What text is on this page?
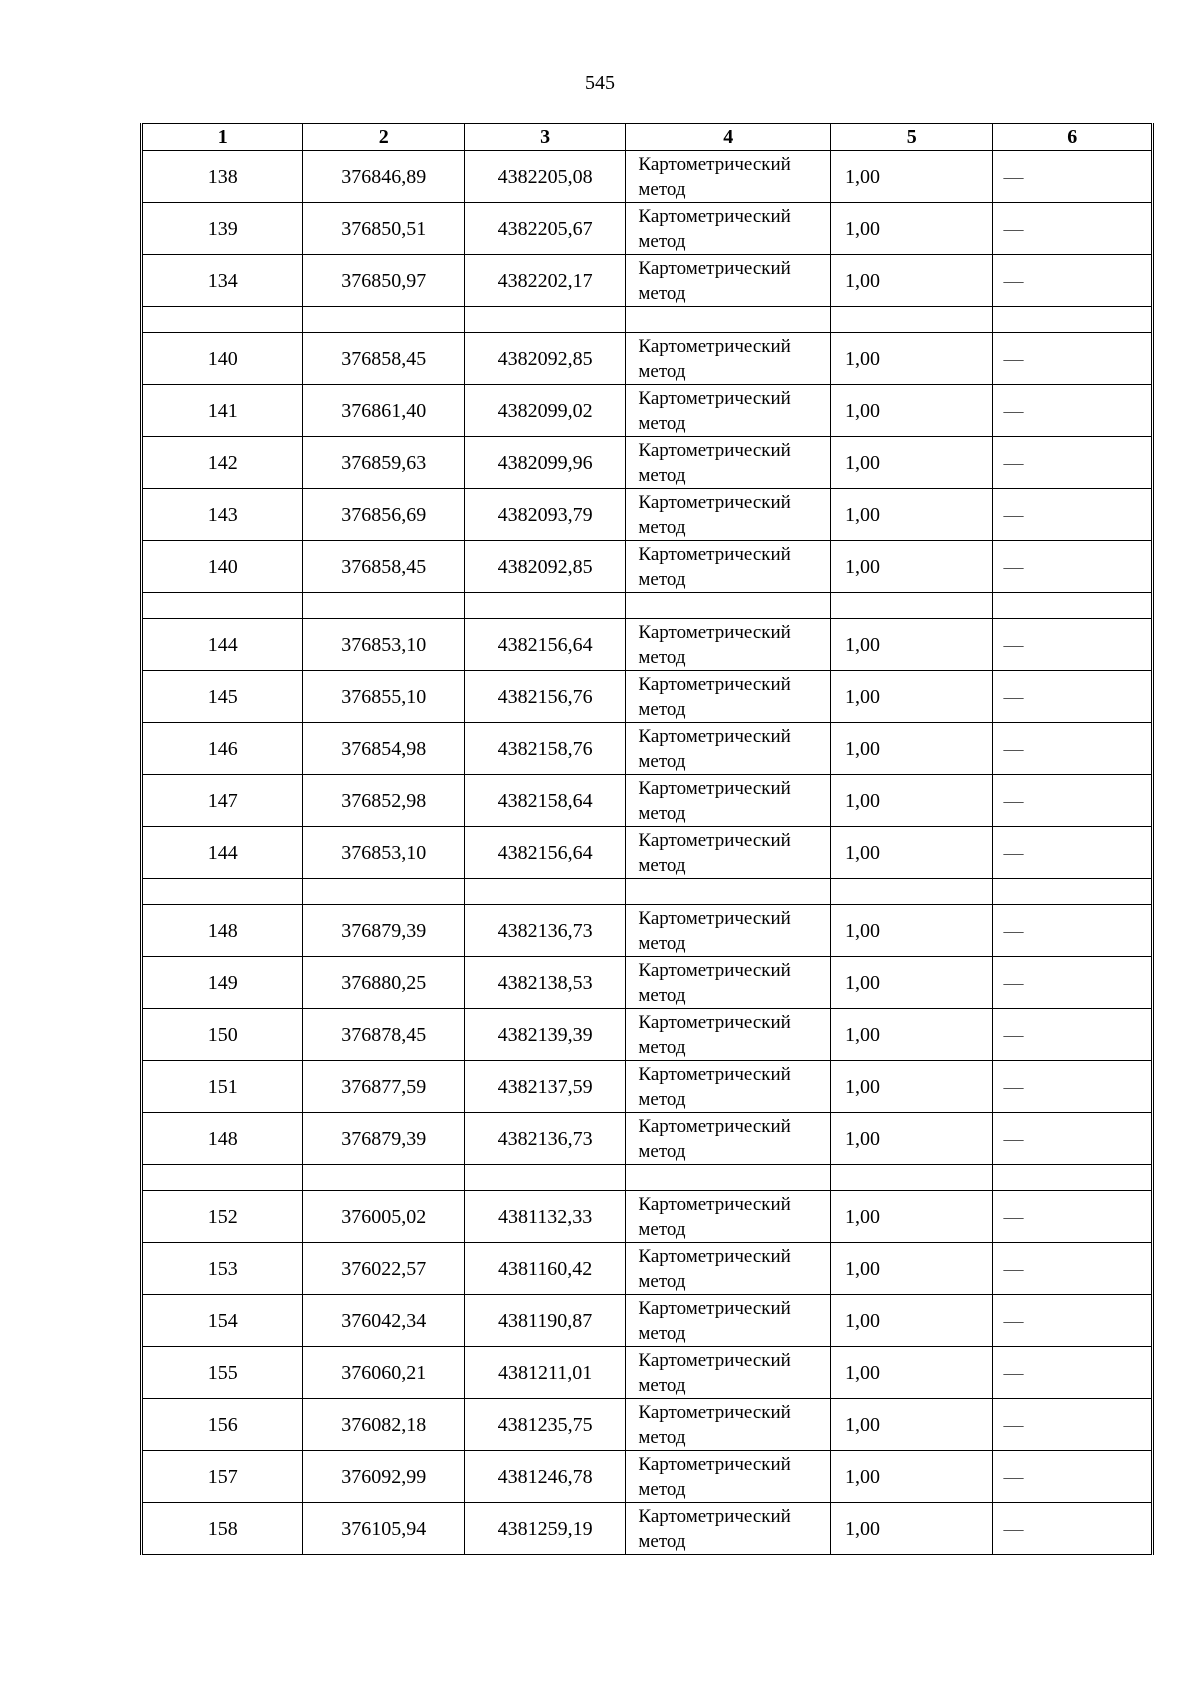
545
1	2	3	4	5	6
138	376846,89	4382205,08	Картометрический метод	1,00	—
139	376850,51	4382205,67	Картометрический метод	1,00	—
134	376850,97	4382202,17	Картометрический метод	1,00	—

140	376858,45	4382092,85	Картометрический метод	1,00	—
141	376861,40	4382099,02	Картометрический метод	1,00	—
142	376859,63	4382099,96	Картометрический метод	1,00	—
143	376856,69	4382093,79	Картометрический метод	1,00	—
140	376858,45	4382092,85	Картометрический метод	1,00	—

144	376853,10	4382156,64	Картометрический метод	1,00	—
145	376855,10	4382156,76	Картометрический метод	1,00	—
146	376854,98	4382158,76	Картометрический метод	1,00	—
147	376852,98	4382158,64	Картометрический метод	1,00	—
144	376853,10	4382156,64	Картометрический метод	1,00	—

148	376879,39	4382136,73	Картометрический метод	1,00	—
149	376880,25	4382138,53	Картометрический метод	1,00	—
150	376878,45	4382139,39	Картометрический метод	1,00	—
151	376877,59	4382137,59	Картометрический метод	1,00	—
148	376879,39	4382136,73	Картометрический метод	1,00	—

152	376005,02	4381132,33	Картометрический метод	1,00	—
153	376022,57	4381160,42	Картометрический метод	1,00	—
154	376042,34	4381190,87	Картометрический метод	1,00	—
155	376060,21	4381211,01	Картометрический метод	1,00	—
156	376082,18	4381235,75	Картометрический метод	1,00	—
157	376092,99	4381246,78	Картометрический метод	1,00	—
158	376105,94	4381259,19	Картометрический метод	1,00	—
